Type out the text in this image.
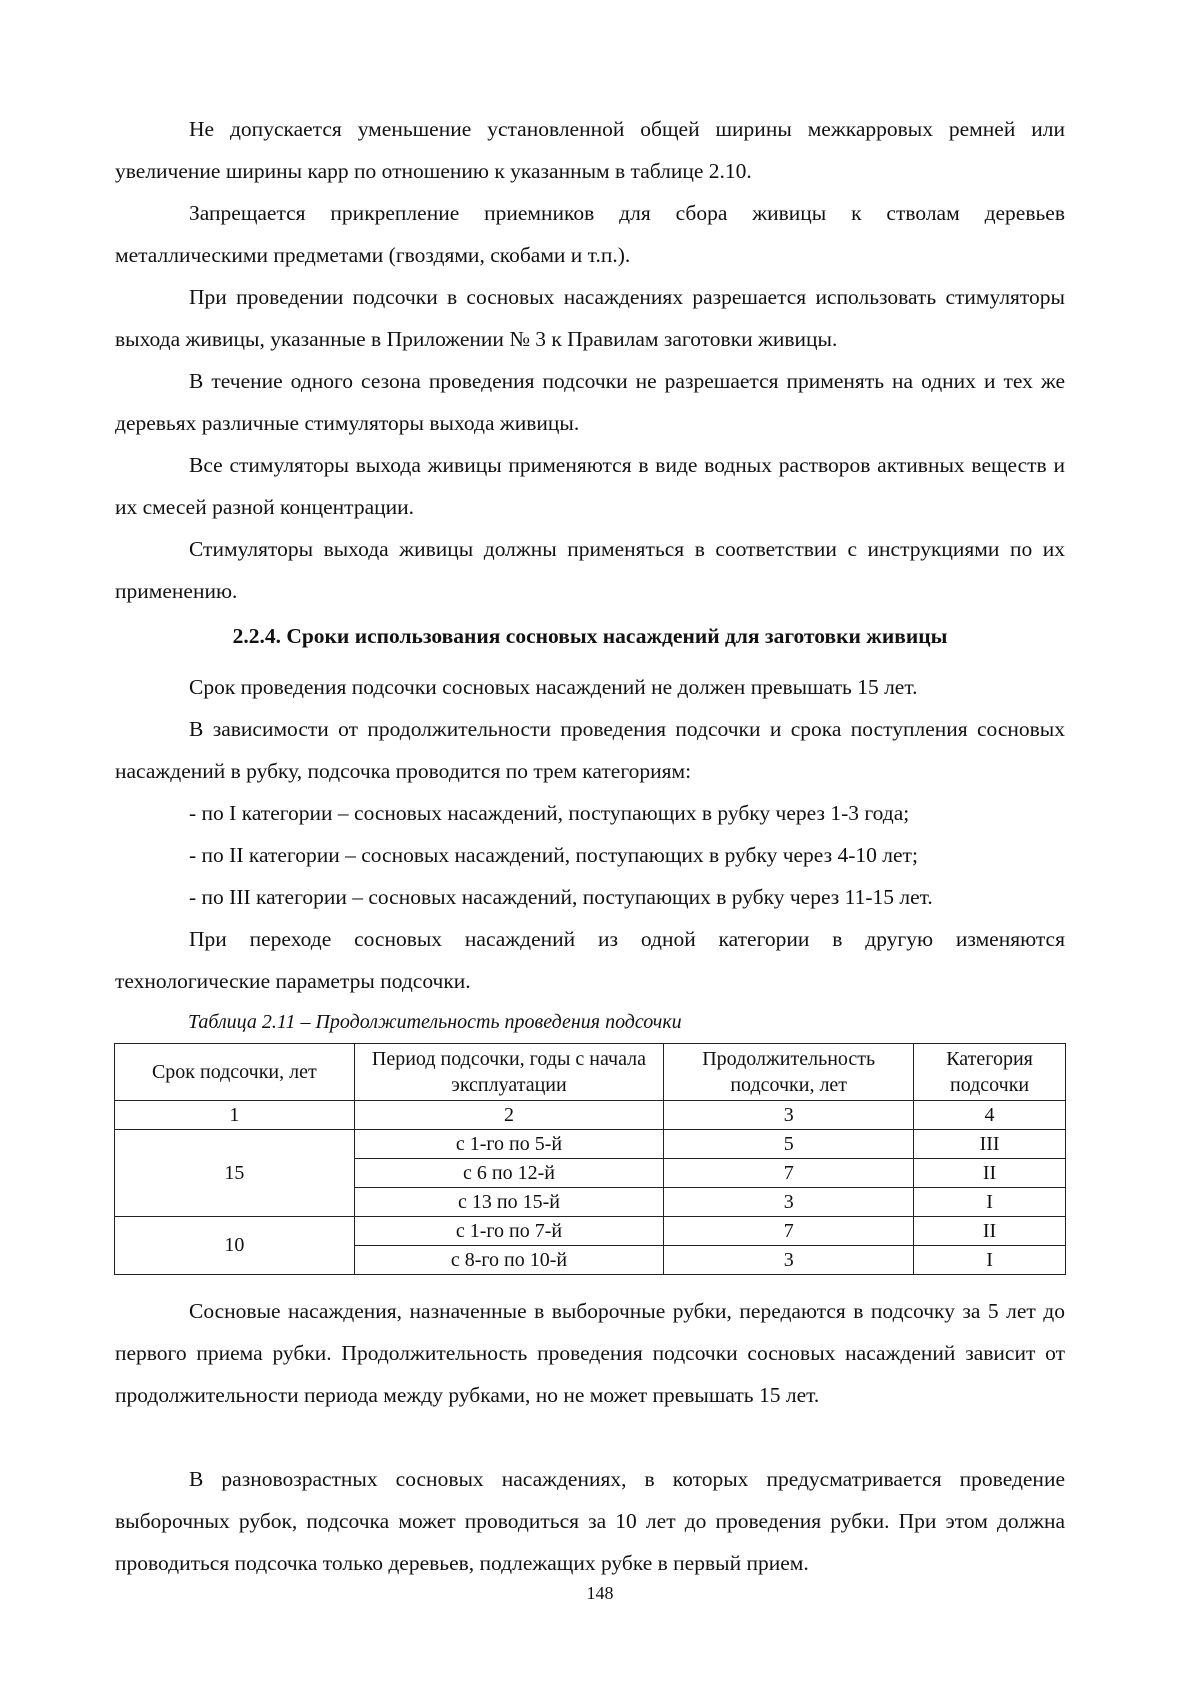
Не допускается уменьшение установленной общей ширины межкарровых ремней или увеличение ширины карр по отношению к указанным в таблице 2.10.

Запрещается прикрепление приемников для сбора живицы к стволам деревьев металлическими предметами (гвоздями, скобами и т.п.).

При проведении подсочки в сосновых насаждениях разрешается использовать стимуляторы выхода живицы, указанные в Приложении № 3 к Правилам заготовки живицы.

В течение одного сезона проведения подсочки не разрешается применять на одних и тех же деревьях различные стимуляторы выхода живицы.

Все стимуляторы выхода живицы применяются в виде водных растворов активных веществ и их смесей разной концентрации.

Стимуляторы выхода живицы должны применяться в соответствии с инструкциями по их применению.

2.2.4. Сроки использования сосновых насаждений для заготовки живицы

Срок проведения подсочки сосновых насаждений не должен превышать 15 лет.

В зависимости от продолжительности проведения подсочки и срока поступления сосновых насаждений в рубку, подсочка проводится по трем категориям:

- по I категории – сосновых насаждений, поступающих в рубку через 1-3 года;

- по II категории – сосновых насаждений, поступающих в рубку через 4-10 лет;

- по III категории – сосновых насаждений, поступающих в рубку через 11-15 лет.

При переходе сосновых насаждений из одной категории в другую изменяются технологические параметры подсочки.

Таблица 2.11 – Продолжительность проведения подсочки

Срок подсочки, лет	Период подсочки, годы с начала эксплуатации	Продолжительность подсочки, лет	Категория подсочки
1	2	3	4
15	с 1-го по 5-й	5	III
	с 6 по 12-й	7	II
	с 13 по 15-й	3	I
10	с 1-го по 7-й	7	II
	с 8-го по 10-й	3	I

Сосновые насаждения, назначенные в выборочные рубки, передаются в подсочку за 5 лет до первого приема рубки. Продолжительность проведения подсочки сосновых насаждений зависит от продолжительности периода между рубками, но не может превышать 15 лет.

В разновозрастных сосновых насаждениях, в которых предусматривается проведение выборочных рубок, подсочка может проводиться за 10 лет до проведения рубки. При этом должна проводиться подсочка только деревьев, подлежащих рубке в первый прием.

148
